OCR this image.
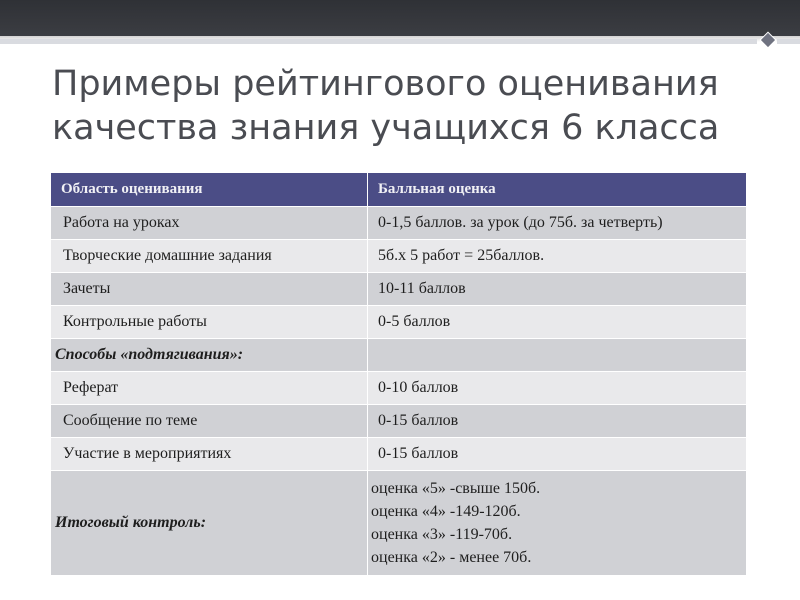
Примеры рейтингового оценивания
качества знания учащихся 6 класса
Область оценивания	Балльная оценка
Работа на уроках	0-1,5 баллов. за урок (до 75б. за четверть)
Творческие домашние задания	5б.х 5 работ = 25баллов.
Зачеты	10-11 баллов
Контрольные работы	0-5 баллов
Способы «подтягивания»:	
Реферат	0-10 баллов
Сообщение по теме	0-15 баллов
Участие в мероприятиях	0-15 баллов
Итоговый контроль:	оценка «5» -свыше 150б.
оценка «4» -149-120б.
оценка «3» -119-70б.
оценка «2» - менее 70б.
